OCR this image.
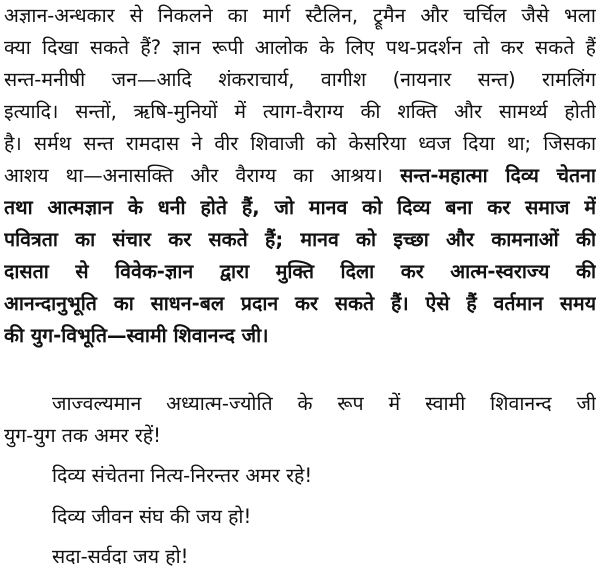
अज्ञान-अन्धकार से निकलने का मार्ग स्टैलिन, ट्रूमैन और चर्चिल जैसे भला
क्या दिखा सकते हैं? ज्ञान रूपी आलोक के लिए पथ-प्रदर्शन तो कर सकते हैं
सन्त-मनीषी जन—आदि शंकराचार्य, वागीश (नायनार सन्त) रामलिंग
इत्यादि। सन्तों, ऋषि-मुनियों में त्याग-वैराग्य की शक्ति और सामर्थ्य होती
है। सर्मथ सन्त रामदास ने वीर शिवाजी को केसरिया ध्वज दिया था; जिसका
आशय था—अनासक्ति और वैराग्य का आश्रय। सन्त-महात्मा दिव्य चेतना
तथा आत्मज्ञान के धनी होते हैं, जो मानव को दिव्य बना कर समाज में
पवित्रता का संचार कर सकते हैं; मानव को इच्छा और कामनाओं की
दासता से विवेक-ज्ञान द्वारा मुक्ति दिला कर आत्म-स्वराज्य की
आनन्दानुभूति का साधन-बल प्रदान कर सकते हैं। ऐसे हैं वर्तमान समय
की युग-विभूति—स्वामी शिवानन्द जी।
जाज्वल्यमान अध्यात्म-ज्योति के रूप में स्वामी शिवानन्द जी
युग-युग तक अमर रहें!

दिव्य संचेतना नित्य-निरन्तर अमर रहे!

दिव्य जीवन संघ की जय हो!

सदा-सर्वदा जय हो!
